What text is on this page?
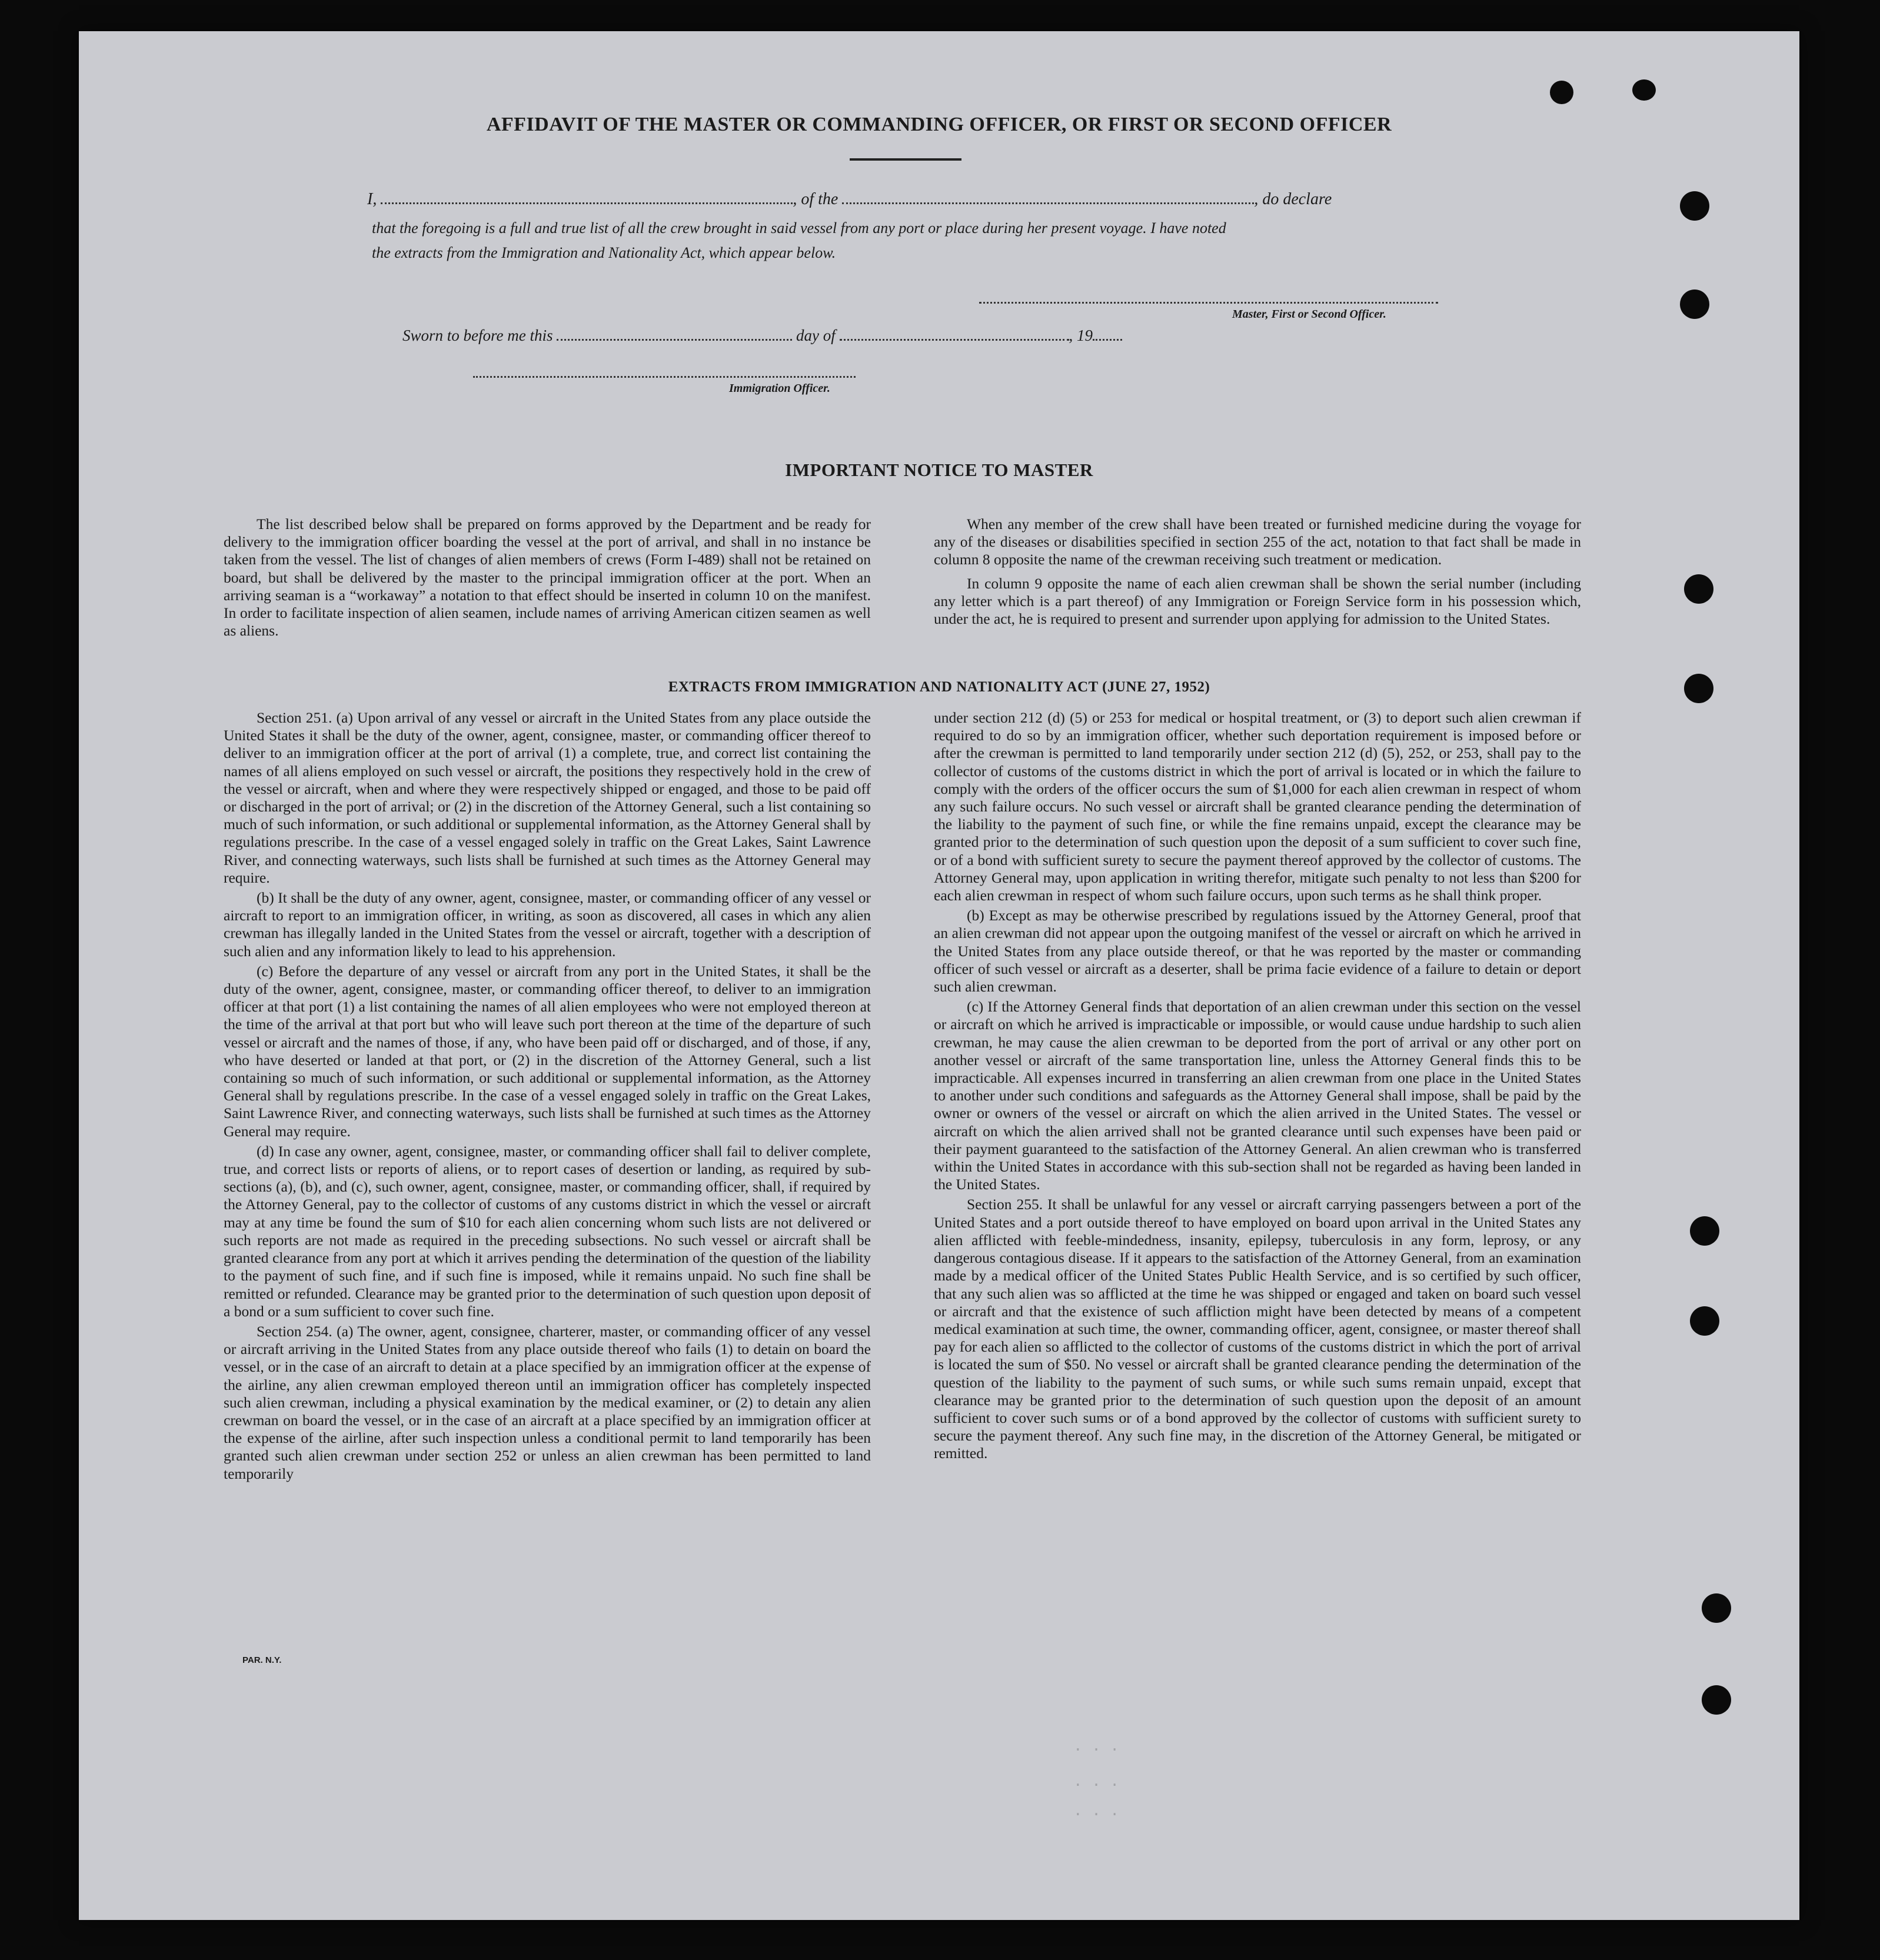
. . .
. . .
. . .
AFFIDAVIT OF THE MASTER OR COMMANDING OFFICER, OR FIRST OR SECOND OFFICER
I,	, of the	, do declare
that the foregoing is a full and true list of all the crew brought in said vessel from any port or place during her present voyage. I have noted
the extracts from the Immigration and Nationality Act, which appear below.
Master, First or Second Officer.
Sworn to before me this	day of	, 19
Immigration Officer.
IMPORTANT NOTICE TO MASTER

The list described below shall be prepared on forms approved by the Department and be ready for delivery to the immigration officer boarding the vessel at the port of arrival, and shall in no instance be taken from the vessel. The list of changes of alien members of crews (Form I-489) shall not be retained on board, but shall be delivered by the master to the principal immigration officer at the port. When an arriving seaman is a “workaway” a notation to that effect should be inserted in column 10 on the manifest. In order to facilitate inspection of alien seamen, include names of arriving American citizen seamen as well as aliens.

When any member of the crew shall have been treated or furnished medicine during the voyage for any of the diseases or disabilities specified in section 255 of the act, notation to that fact shall be made in column 8 opposite the name of the crewman receiving such treatment or medication.

In column 9 opposite the name of each alien crewman shall be shown the serial number (including any letter which is a part thereof) of any Immigration or Foreign Service form in his possession which, under the act, he is required to present and surrender upon applying for admission to the United States.

EXTRACTS FROM IMMIGRATION AND NATIONALITY ACT (JUNE 27, 1952)

Section 251. (a) Upon arrival of any vessel or aircraft in the United States from any place outside the United States it shall be the duty of the owner, agent, consignee, master, or commanding officer thereof to deliver to an immigration officer at the port of arrival (1) a complete, true, and correct list containing the names of all aliens employed on such vessel or aircraft, the positions they respectively hold in the crew of the vessel or aircraft, when and where they were respectively shipped or engaged, and those to be paid off or discharged in the port of arrival; or (2) in the discretion of the Attorney General, such a list containing so much of such information, or such additional or supplemental information, as the Attorney General shall by regulations prescribe. In the case of a vessel engaged solely in traffic on the Great Lakes, Saint Lawrence River, and connecting waterways, such lists shall be furnished at such times as the Attorney General may require.

(b) It shall be the duty of any owner, agent, consignee, master, or commanding officer of any vessel or aircraft to report to an immigration officer, in writing, as soon as discovered, all cases in which any alien crewman has illegally landed in the United States from the vessel or aircraft, together with a description of such alien and any information likely to lead to his apprehension.

(c) Before the departure of any vessel or aircraft from any port in the United States, it shall be the duty of the owner, agent, consignee, master, or commanding officer thereof, to deliver to an immigration officer at that port (1) a list containing the names of all alien employees who were not employed thereon at the time of the arrival at that port but who will leave such port thereon at the time of the departure of such vessel or aircraft and the names of those, if any, who have been paid off or discharged, and of those, if any, who have deserted or landed at that port, or (2) in the discretion of the Attorney General, such a list containing so much of such information, or such additional or supplemental information, as the Attorney General shall by regulations prescribe. In the case of a vessel engaged solely in traffic on the Great Lakes, Saint Lawrence River, and connecting waterways, such lists shall be furnished at such times as the Attorney General may require.

(d) In case any owner, agent, consignee, master, or commanding officer shall fail to deliver complete, true, and correct lists or reports of aliens, or to report cases of desertion or landing, as required by sub-sections (a), (b), and (c), such owner, agent, consignee, master, or commanding officer, shall, if required by the Attorney General, pay to the collector of customs of any customs district in which the vessel or aircraft may at any time be found the sum of $10 for each alien concerning whom such lists are not delivered or such reports are not made as required in the preceding subsections. No such vessel or aircraft shall be granted clearance from any port at which it arrives pending the determination of the question of the liability to the payment of such fine, and if such fine is imposed, while it remains unpaid. No such fine shall be remitted or refunded. Clearance may be granted prior to the determination of such question upon deposit of a bond or a sum sufficient to cover such fine.

Section 254. (a) The owner, agent, consignee, charterer, master, or commanding officer of any vessel or aircraft arriving in the United States from any place outside thereof who fails (1) to detain on board the vessel, or in the case of an aircraft to detain at a place specified by an immigration officer at the expense of the airline, any alien crewman employed thereon until an immigration officer has completely inspected such alien crewman, including a physical examination by the medical examiner, or (2) to detain any alien crewman on board the vessel, or in the case of an aircraft at a place specified by an immigration officer at the expense of the airline, after such inspection unless a conditional permit to land temporarily has been granted such alien crewman under section 252 or unless an alien crewman has been permitted to land temporarily

under section 212 (d) (5) or 253 for medical or hospital treatment, or (3) to deport such alien crewman if required to do so by an immigration officer, whether such deportation requirement is imposed before or after the crewman is permitted to land temporarily under section 212 (d) (5), 252, or 253, shall pay to the collector of customs of the customs district in which the port of arrival is located or in which the failure to comply with the orders of the officer occurs the sum of $1,000 for each alien crewman in respect of whom any such failure occurs. No such vessel or aircraft shall be granted clearance pending the determination of the liability to the payment of such fine, or while the fine remains unpaid, except the clearance may be granted prior to the determination of such question upon the deposit of a sum sufficient to cover such fine, or of a bond with sufficient surety to secure the payment thereof approved by the collector of customs. The Attorney General may, upon application in writing therefor, mitigate such penalty to not less than $200 for each alien crewman in respect of whom such failure occurs, upon such terms as he shall think proper.

(b) Except as may be otherwise prescribed by regulations issued by the Attorney General, proof that an alien crewman did not appear upon the outgoing manifest of the vessel or aircraft on which he arrived in the United States from any place outside thereof, or that he was reported by the master or commanding officer of such vessel or aircraft as a deserter, shall be prima facie evidence of a failure to detain or deport such alien crewman.

(c) If the Attorney General finds that deportation of an alien crewman under this section on the vessel or aircraft on which he arrived is impracticable or impossible, or would cause undue hardship to such alien crewman, he may cause the alien crewman to be deported from the port of arrival or any other port on another vessel or aircraft of the same transportation line, unless the Attorney General finds this to be impracticable. All expenses incurred in transferring an alien crewman from one place in the United States to another under such conditions and safeguards as the Attorney General shall impose, shall be paid by the owner or owners of the vessel or aircraft on which the alien arrived in the United States. The vessel or aircraft on which the alien arrived shall not be granted clearance until such expenses have been paid or their payment guaranteed to the satisfaction of the Attorney General. An alien crewman who is transferred within the United States in accordance with this sub-section shall not be regarded as having been landed in the United States.

Section 255. It shall be unlawful for any vessel or aircraft carrying passengers between a port of the United States and a port outside thereof to have employed on board upon arrival in the United States any alien afflicted with feeble-mindedness, insanity, epilepsy, tuberculosis in any form, leprosy, or any dangerous contagious disease. If it appears to the satisfaction of the Attorney General, from an examination made by a medical officer of the United States Public Health Service, and is so certified by such officer, that any such alien was so afflicted at the time he was shipped or engaged and taken on board such vessel or aircraft and that the existence of such affliction might have been detected by means of a competent medical examination at such time, the owner, commanding officer, agent, consignee, or master thereof shall pay for each alien so afflicted to the collector of customs of the customs district in which the port of arrival is located the sum of $50. No vessel or aircraft shall be granted clearance pending the determination of the question of the liability to the payment of such sums, or while such sums remain unpaid, except that clearance may be granted prior to the determination of such question upon the deposit of an amount sufficient to cover such sums or of a bond approved by the collector of customs with sufficient surety to secure the payment thereof. Any such fine may, in the discretion of the Attorney General, be mitigated or remitted.

PAR. N.Y.
